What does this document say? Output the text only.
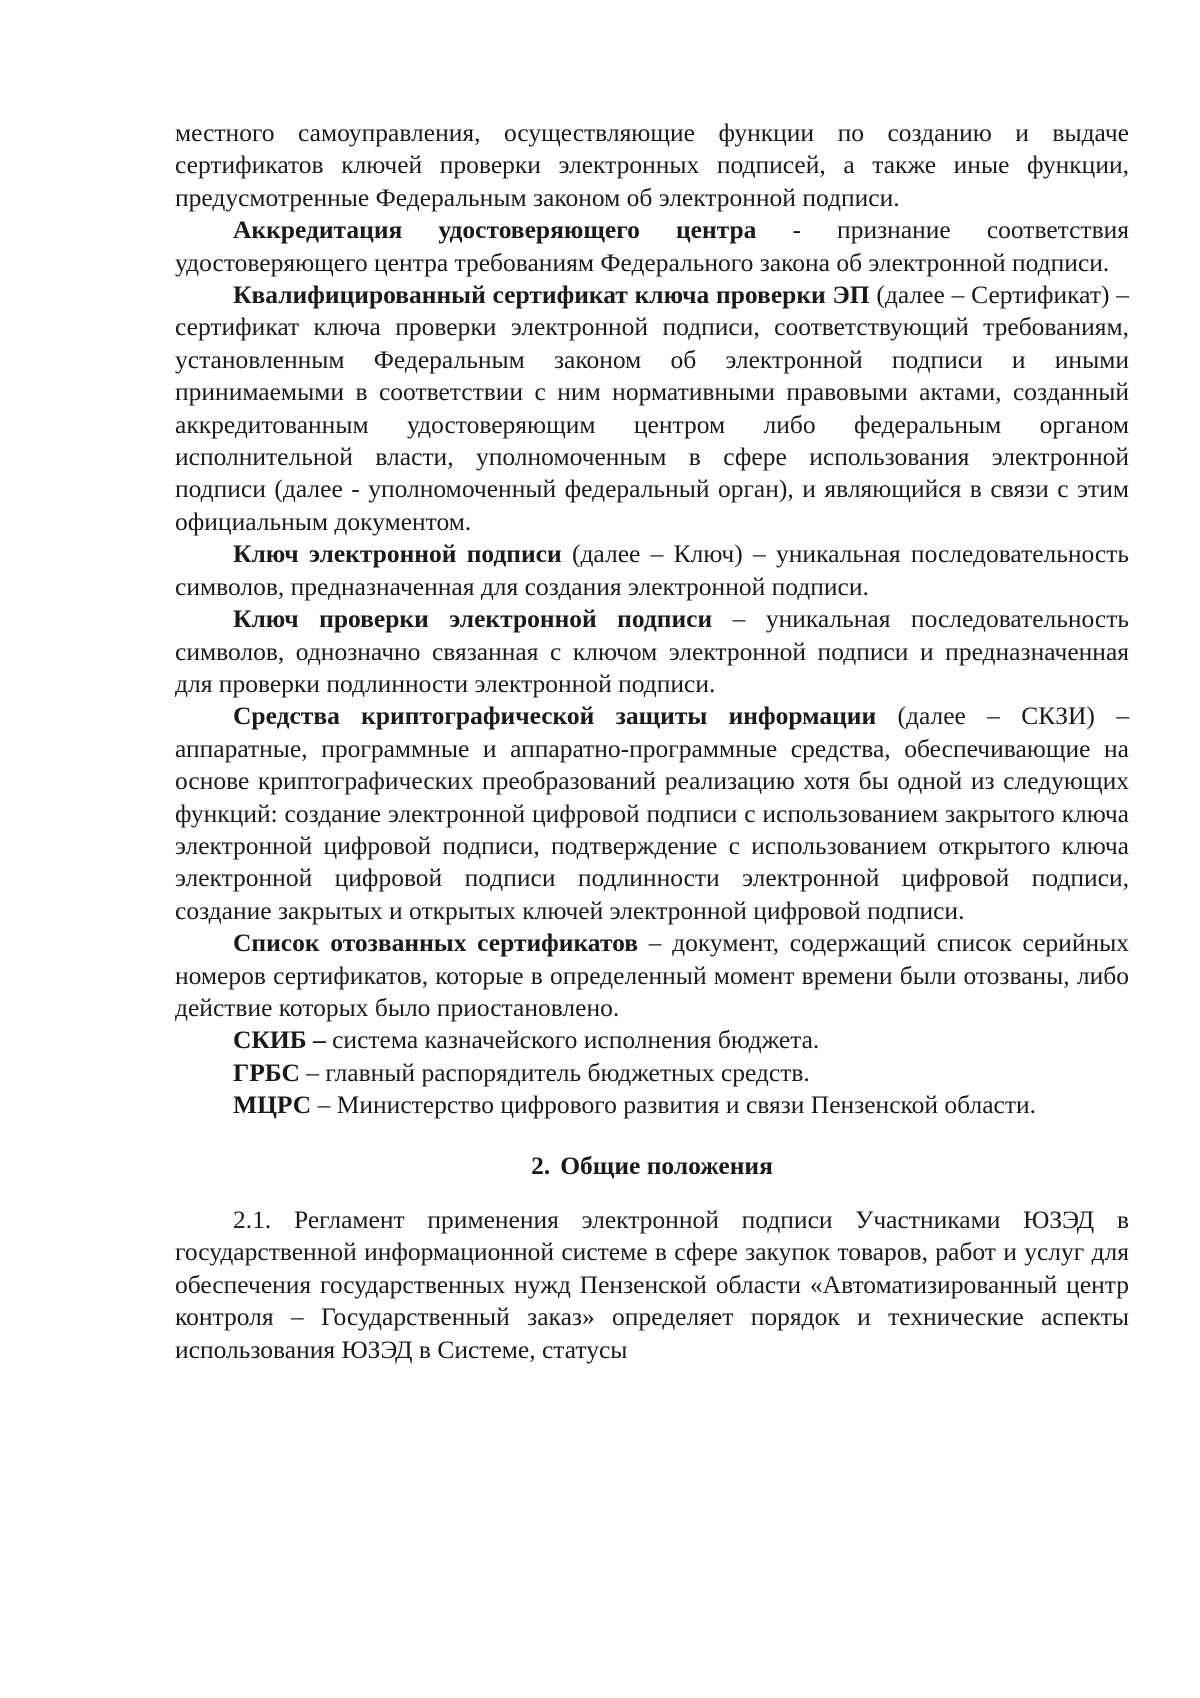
местного самоуправления, осуществляющие функции по созданию и выдаче сертификатов ключей проверки электронных подписей, а также иные функции, предусмотренные Федеральным законом об электронной подписи.

Аккредитация удостоверяющего центра - признание соответствия удостоверяющего центра требованиям Федерального закона об электронной подписи.

Квалифицированный сертификат ключа проверки ЭП (далее – Сертификат) – сертификат ключа проверки электронной подписи, соответствующий требованиям, установленным Федеральным законом об электронной подписи и иными принимаемыми в соответствии с ним нормативными правовыми актами, созданный аккредитованным удостоверяющим центром либо федеральным органом исполнительной власти, уполномоченным в сфере использования электронной подписи (далее - уполномоченный федеральный орган), и являющийся в связи с этим официальным документом.

Ключ электронной подписи (далее – Ключ) – уникальная последовательность символов, предназначенная для создания электронной подписи.

Ключ проверки электронной подписи – уникальная последовательность символов, однозначно связанная с ключом электронной подписи и предназначенная для проверки подлинности электронной подписи.

Средства криптографической защиты информации (далее – СКЗИ) – аппаратные, программные и аппаратно-программные средства, обеспечивающие на основе криптографических преобразований реализацию хотя бы одной из следующих функций: создание электронной цифровой подписи с использованием закрытого ключа электронной цифровой подписи, подтверждение с использованием открытого ключа электронной цифровой подписи подлинности электронной цифровой подписи, создание закрытых и открытых ключей электронной цифровой подписи.

Список отозванных сертификатов – документ, содержащий список серийных номеров сертификатов, которые в определенный момент времени были отозваны, либо действие которых было приостановлено.

СКИБ – система казначейского исполнения бюджета.

ГРБС – главный распорядитель бюджетных средств.

МЦРС – Министерство цифрового развития и связи Пензенской области.

2. Общие положения

2.1. Регламент применения электронной подписи Участниками ЮЗЭД в государственной информационной системе в сфере закупок товаров, работ и услуг для обеспечения государственных нужд Пензенской области «Автоматизированный центр контроля – Государственный заказ» определяет порядок и технические аспекты использования ЮЗЭД в Системе, статусы
